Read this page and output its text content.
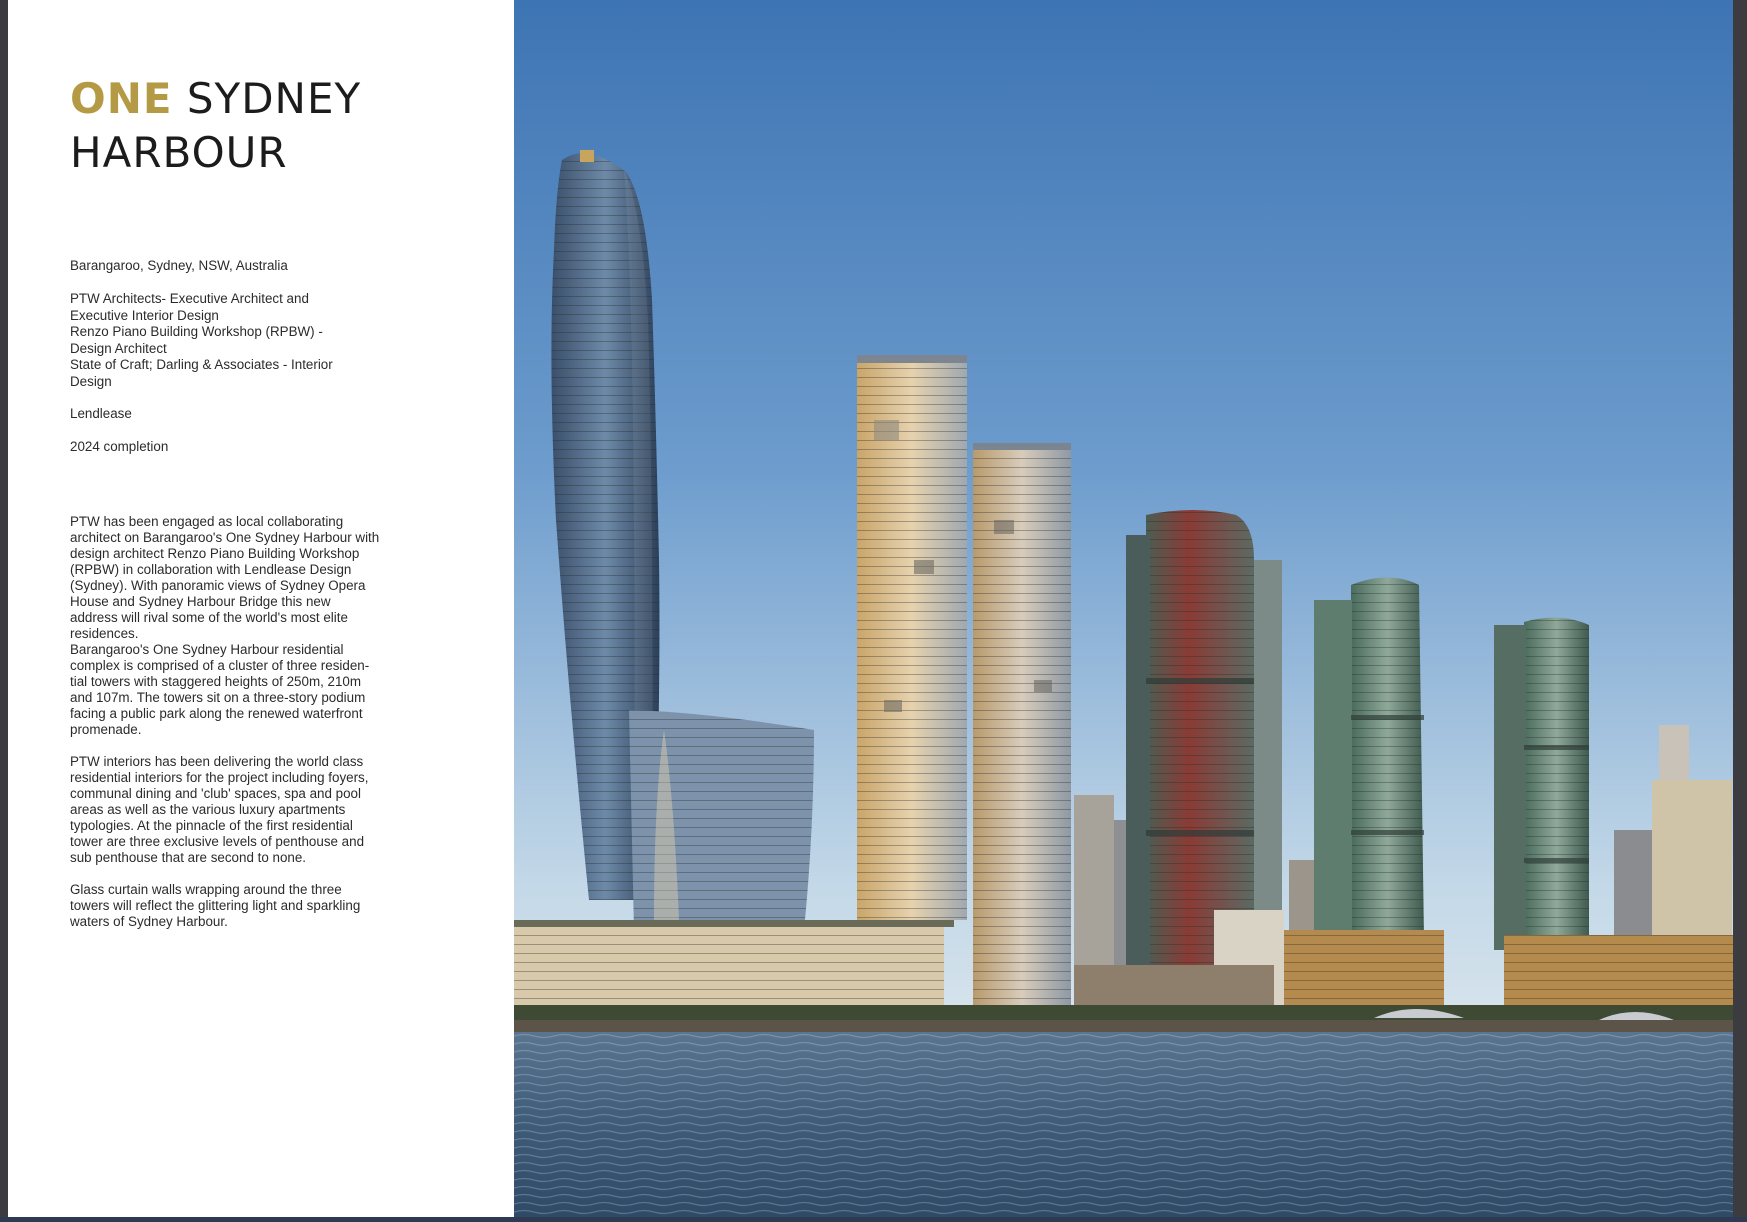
ONE SYDNEY
HARBOUR

Barangaroo, Sydney, NSW, Australia

PTW Architects- Executive Architect and
Executive Interior Design
Renzo Piano Building Workshop (RPBW) -
Design Architect
State of Craft; Darling & Associates - Interior
Design

Lendlease

2024 completion

PTW has been engaged as local collaborating architect on Barangaroo's One Sydney Harbour with design architect Renzo Piano Building Workshop (RPBW) in collaboration with Lendlease Design (Sydney). With panoramic views of Sydney Opera House and Sydney Harbour Bridge this new address will rival some of the world's most elite residences.

Barangaroo's One Sydney Harbour residential complex is comprised of a cluster of three residen-tial towers with staggered heights of 250m, 210m and 107m. The towers sit on a three-story podium facing a public park along the renewed waterfront promenade.

PTW interiors has been delivering the world class residential interiors for the project including foyers, communal dining and 'club' spaces, spa and pool areas as well as the various luxury apartments typologies. At the pinnacle of the first residential tower are three exclusive levels of penthouse and sub penthouse that are second to none.

Glass curtain walls wrapping around the three towers will reflect the glittering light and sparkling waters of Sydney Harbour.
